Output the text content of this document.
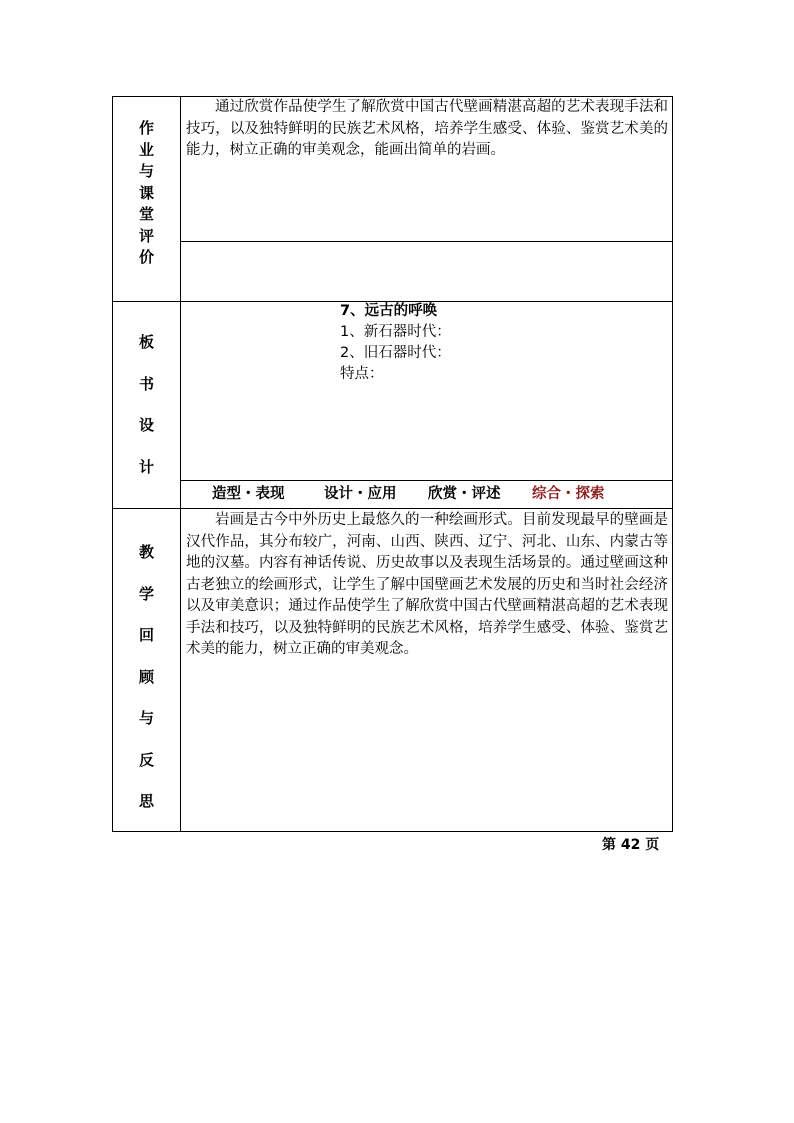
作
业
与
课
堂
评
价
通过欣赏作品使学生了解欣赏中国古代壁画精湛高超的艺术表现手法和技巧，以及独特鲜明的民族艺术风格，培养学生感受、体验、鉴赏艺术美的能力，树立正确的审美观念，能画出简单的岩画。
板
书
设
计
7、远古的呼唤
1、新石器时代：
2、旧石器时代：
特点：
造型・表现	设计・应用 欣赏・评述 综合・探索
教
学
回
顾
与
反
思
岩画是古今中外历史上最悠久的一种绘画形式。目前发现最早的壁画是汉代作品，其分布较广，河南、山西、陕西、辽宁、河北、山东、内蒙古等地的汉墓。内容有神话传说、历史故事以及表现生活场景的。通过壁画这种古老独立的绘画形式，让学生了解中国壁画艺术发展的历史和当时社会经济以及审美意识；通过作品使学生了解欣赏中国古代壁画精湛高超的艺术表现手法和技巧，以及独特鲜明的民族艺术风格，培养学生感受、体验、鉴赏艺术美的能力，树立正确的审美观念。
第 42 页
